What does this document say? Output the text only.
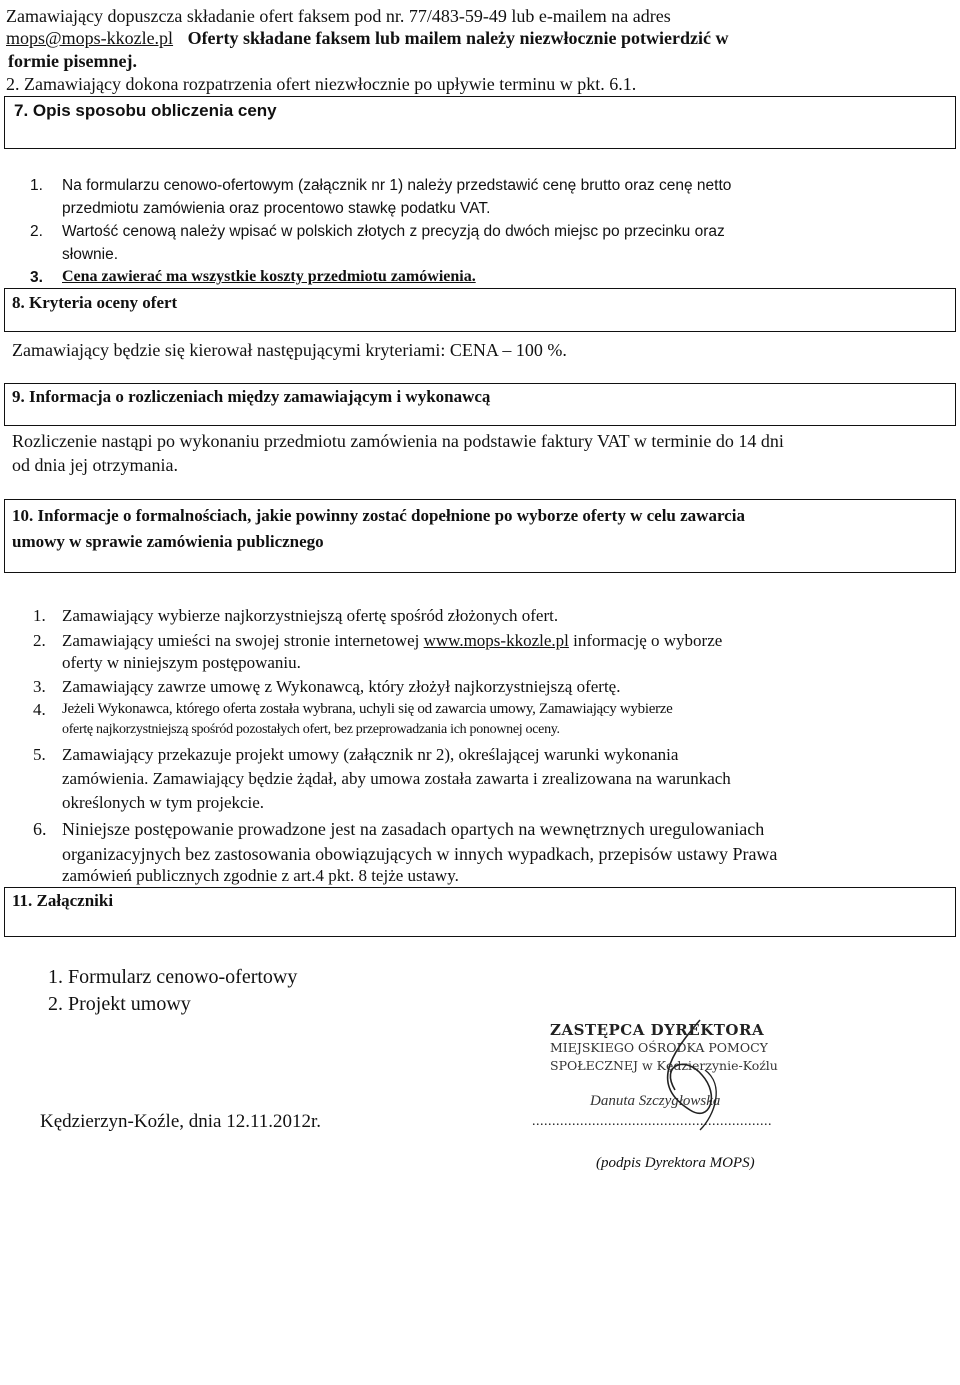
Zamawiający dopuszcza składanie ofert faksem pod nr. 77/483-59-49 lub e-mailem na adres
mops@mops-kkozle.pl Oferty składane faksem lub mailem należy niezwłocznie potwierdzić w
formie pisemnej.
2. Zamawiający dokona rozpatrzenia ofert niezwłocznie po upływie terminu w pkt. 6.1.
7. Opis sposobu obliczenia ceny
1. Na formularzu cenowo-ofertowym (załącznik nr 1) należy przedstawić cenę brutto oraz cenę netto
przedmiotu zamówienia oraz procentowo stawkę podatku VAT.
2. Wartość cenową należy wpisać w polskich złotych z precyzją do dwóch miejsc po przecinku oraz
słownie.
3. Cena zawierać ma wszystkie koszty przedmiotu zamówienia.
8. Kryteria oceny ofert
Zamawiający będzie się kierował następującymi kryteriami: CENA – 100 %.
9. Informacja o rozliczeniach między zamawiającym i wykonawcą
Rozliczenie nastąpi po wykonaniu przedmiotu zamówienia na podstawie faktury VAT w terminie do 14 dni
od dnia jej otrzymania.
10. Informacje o formalnościach, jakie powinny zostać dopełnione po wyborze oferty w celu zawarcia
umowy w sprawie zamówienia publicznego
1. Zamawiający wybierze najkorzystniejszą ofertę spośród złożonych ofert.
2. Zamawiający umieści na swojej stronie internetowej www.mops-kkozle.pl informację o wyborze
oferty w niniejszym postępowaniu.
3. Zamawiający zawrze umowę z Wykonawcą, który złożył najkorzystniejszą ofertę.
4. Jeżeli Wykonawca, którego oferta została wybrana, uchyli się od zawarcia umowy, Zamawiający wybierze
ofertę najkorzystniejszą spośród pozostałych ofert, bez przeprowadzania ich ponownej oceny.
5. Zamawiający przekazuje projekt umowy (załącznik nr 2), określającej warunki wykonania
zamówienia. Zamawiający będzie żądał, aby umowa została zawarta i zrealizowana na warunkach
określonych w tym projekcie.
6. Niniejsze postępowanie prowadzone jest na zasadach opartych na wewnętrznych uregulowaniach
organizacyjnych bez zastosowania obowiązujących w innych wypadkach, przepisów ustawy Prawa
zamówień publicznych zgodnie z art.4 pkt. 8 tejże ustawy.
11. Załączniki
1. Formularz cenowo-ofertowy
2. Projekt umowy
ZASTĘPCA DYREKTORA
MIEJSKIEGO OŚRODKA POMOCY
SPOŁECZNEJ w Kędzierzynie-Koźlu
Danuta Szczygłowska
Kędzierzyn-Koźle, dnia 12.11.2012r.	............................................................
(podpis Dyrektora MOPS)
